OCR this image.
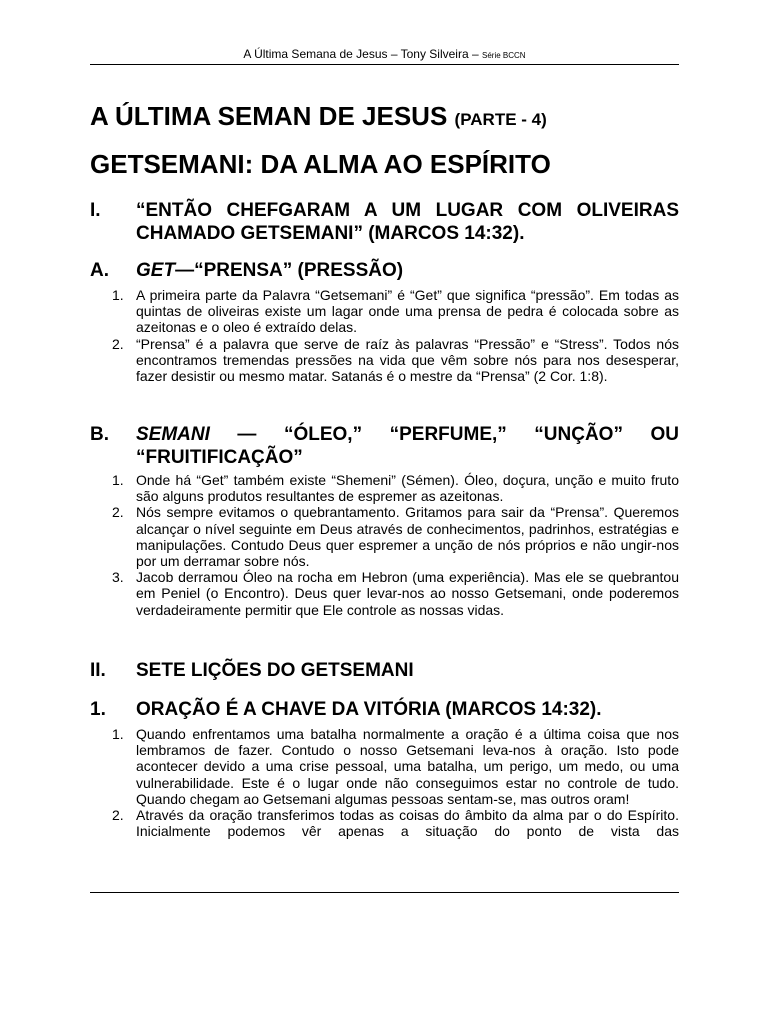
A Última Semana de Jesus – Tony Silveira – Série BCCN
A ÚLTIMA SEMAN DE JESUS (PARTE - 4)
GETSEMANI: DA ALMA AO ESPÍRITO
I. “ENTÃO CHEFGARAM A UM LUGAR COM OLIVEIRAS CHAMADO GETSEMANI” (MARCOS 14:32).
A. GET—“PRENSA” (PRESSÃO)
1. A primeira parte da Palavra “Getsemani” é “Get” que significa “pressão”. Em todas as quintas de oliveiras existe um lagar onde uma prensa de pedra é colocada sobre as azeitonas e o oleo é extraído delas.
2. “Prensa” é a palavra que serve de raíz às palavras “Pressão” e “Stress”. Todos nós encontramos tremendas pressões na vida que vêm sobre nós para nos desesperar, fazer desistir ou mesmo matar. Satanás é o mestre da “Prensa” (2 Cor. 1:8).
B. SEMANI — “ÓLEO,” “PERFUME,” “UNÇÃO” OU “FRUITIFICAÇÃO”
1. Onde há “Get” também existe “Shemeni” (Sémen). Óleo, doçura, unção e muito fruto são alguns produtos resultantes de espremer as azeitonas.
2. Nós sempre evitamos o quebrantamento. Gritamos para sair da “Prensa”. Queremos alcançar o nível seguinte em Deus através de conhecimentos, padrinhos, estratégias e manipulações. Contudo Deus quer espremer a unção de nós próprios e não ungir-nos por um derramar sobre nós.
3. Jacob derramou Óleo na rocha em Hebron (uma experiência). Mas ele se quebrantou em Peniel (o Encontro). Deus quer levar-nos ao nosso Getsemani, onde poderemos verdadeiramente permitir que Ele controle as nossas vidas.
II. SETE LIÇÕES DO GETSEMANI
1. ORAÇÃO É A CHAVE DA VITÓRIA (MARCOS 14:32).
1. Quando enfrentamos uma batalha normalmente a oração é a última coisa que nos lembramos de fazer. Contudo o nosso Getsemani leva-nos à oração. Isto pode acontecer devido a uma crise pessoal, uma batalha, um perigo, um medo, ou uma vulnerabilidade. Este é o lugar onde não conseguimos estar no controle de tudo. Quando chegam ao Getsemani algumas pessoas sentam-se, mas outros oram!
2. Através da oração transferimos todas as coisas do âmbito da alma par o do Espírito. Inicialmente podemos vêr apenas a situação do ponto de vista das
